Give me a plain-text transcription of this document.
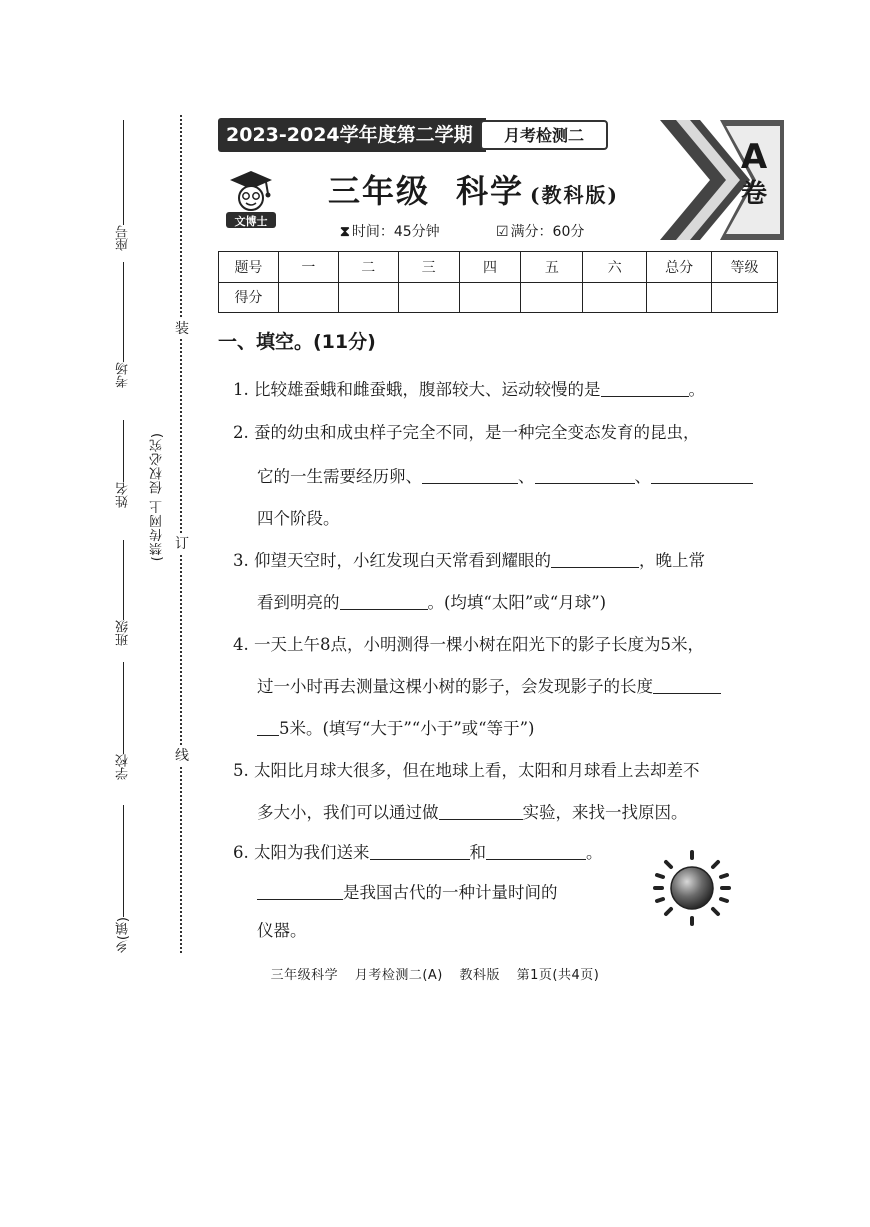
座号
考场
姓名
班级
学校
乡(镇)
(禁传网上 侵权必究)
装
订
线
2023-2024学年度第二学期	月考检测二
文博士
三年级 科学 (教科版)
⧗ 时间：45分钟	☑ 满分：60分
A
卷
题号	一	二	三	四	五	六	总分	等级
得分								
一、填空。(11分)
1. 比较雄蚕蛾和雌蚕蛾，腹部较大、运动较慢的是	。
2. 蚕的幼虫和成虫样子完全不同，是一种完全变态发育的昆虫，
它的一生需要经历卵、	、	、
四个阶段。
3. 仰望天空时，小红发现白天常看到耀眼的	，晚上常
看到明亮的	。(均填“太阳”或“月球”)
4. 一天上午8点，小明测得一棵小树在阳光下的影子长度为5米，
过一小时再去测量这棵小树的影子，会发现影子的长度
5米。(填写“大于”“小于”或“等于”)
5. 太阳比月球大很多，但在地球上看，太阳和月球看上去却差不
多大小，我们可以通过做	实验，来找一找原因。
6. 太阳为我们送来	和	。
是我国古代的一种计量时间的
仪器。
三年级科学 月考检测二(A) 教科版 第1页(共4页)
